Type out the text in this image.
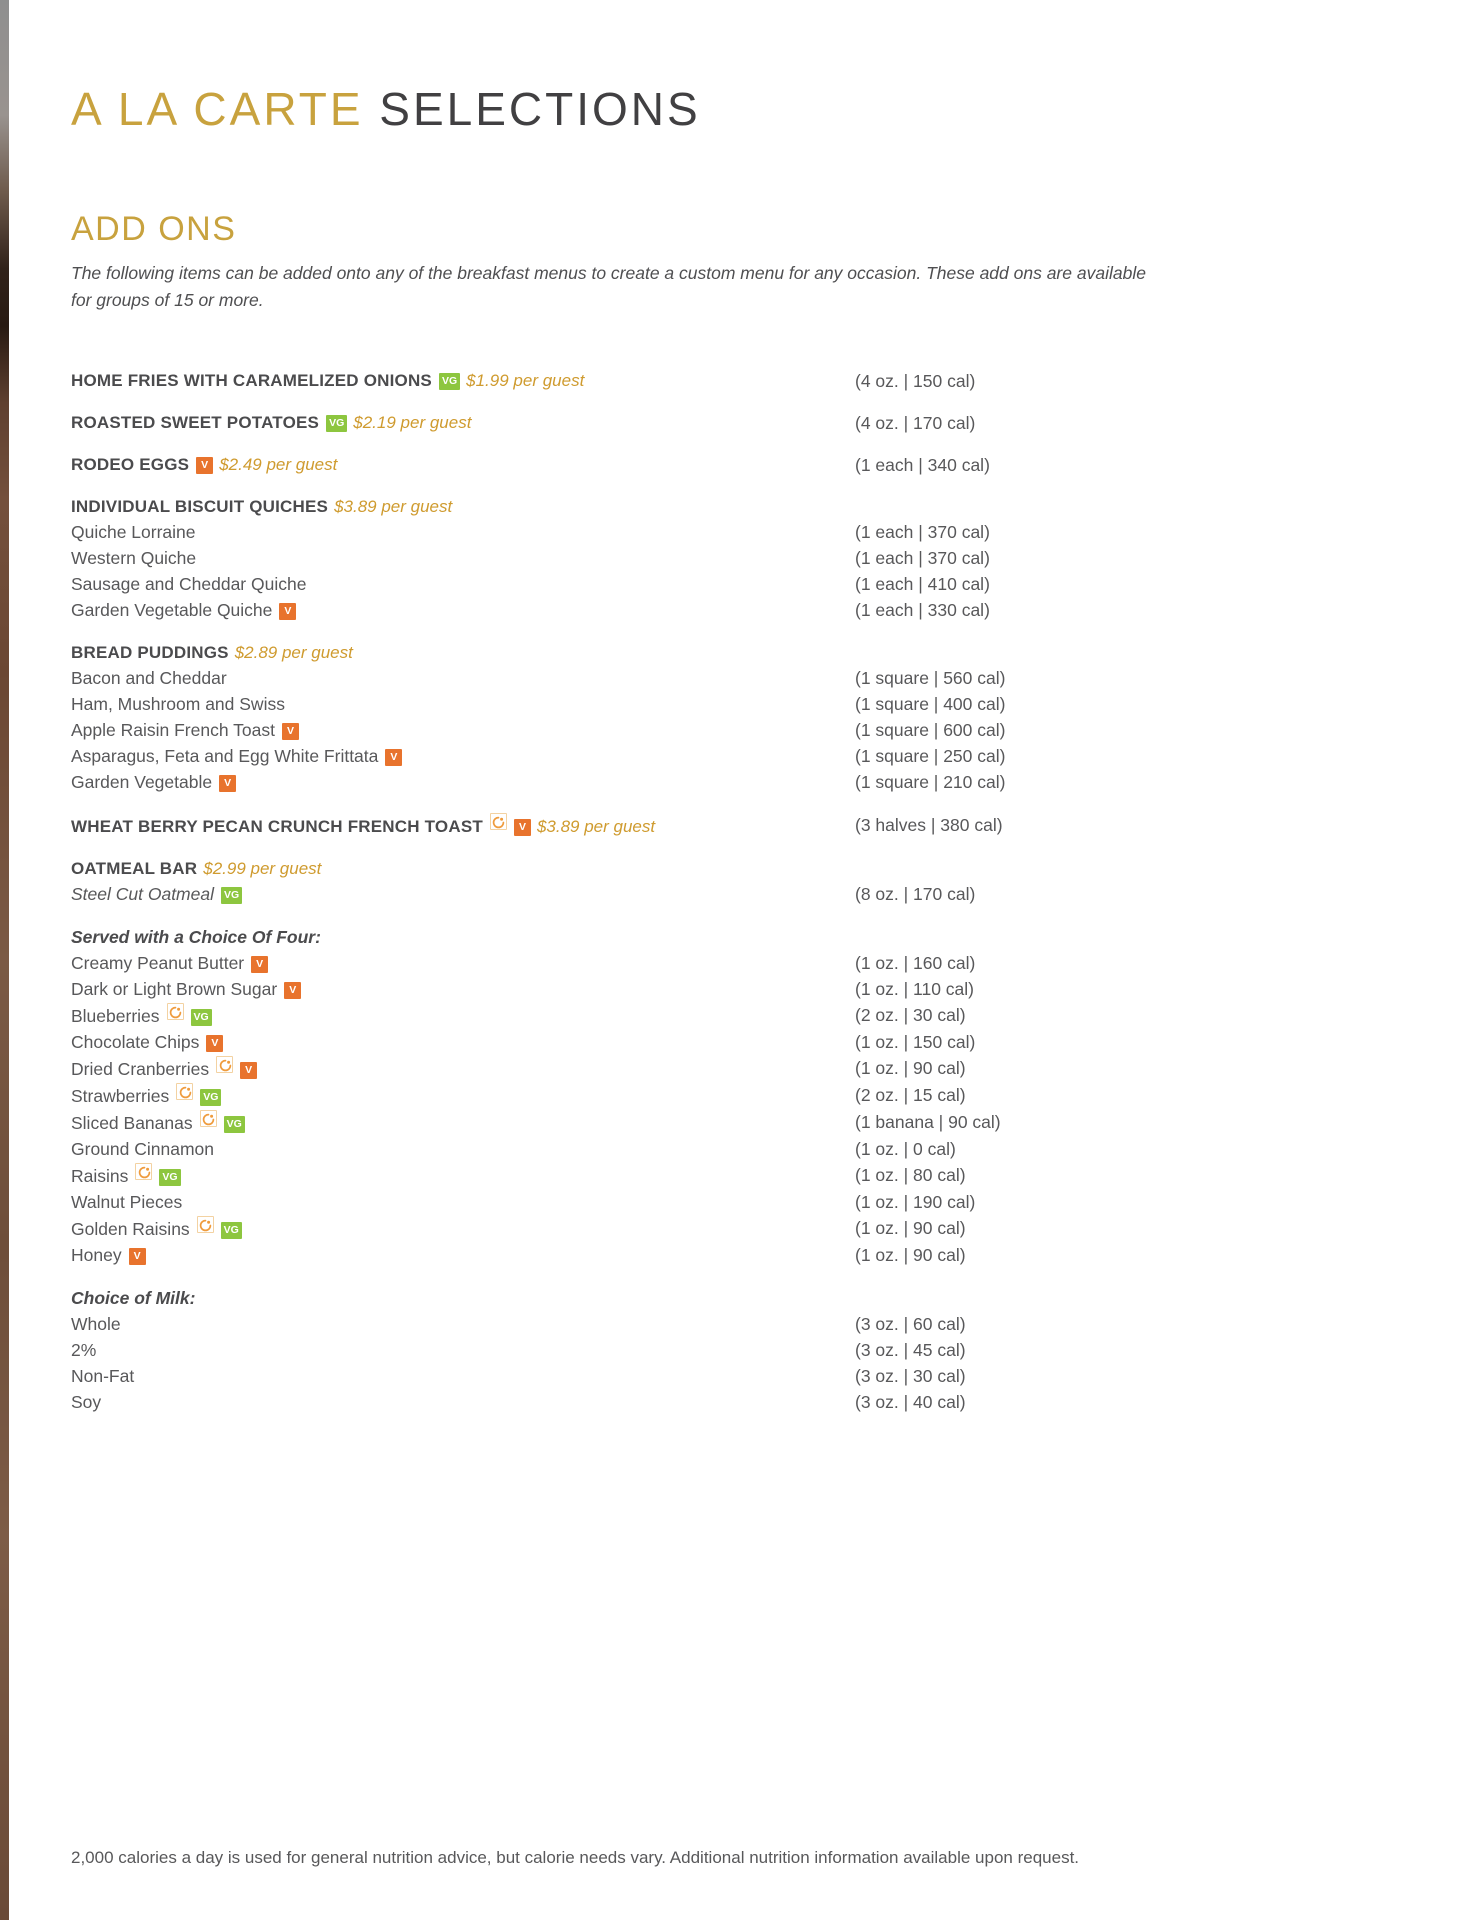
A LA CARTE SELECTIONS
ADD ONS

The following items can be added onto any of the breakfast menus to create a custom menu for any occasion. These add ons are available for groups of 15 or more.

HOME FRIES WITH CARAMELIZED ONIONS VG $1.99 per guest	(4 oz. | 150 cal)
ROASTED SWEET POTATOES VG $2.19 per guest	(4 oz. | 170 cal)
RODEO EGGS V $2.49 per guest	(1 each | 340 cal)
INDIVIDUAL BISCUIT QUICHES $3.89 per guest
Quiche Lorraine	(1 each | 370 cal)
Western Quiche	(1 each | 370 cal)
Sausage and Cheddar Quiche	(1 each | 410 cal)
Garden Vegetable Quiche V	(1 each | 330 cal)
BREAD PUDDINGS $2.89 per guest
Bacon and Cheddar	(1 square | 560 cal)
Ham, Mushroom and Swiss	(1 square | 400 cal)
Apple Raisin French Toast V	(1 square | 600 cal)
Asparagus, Feta and Egg White Frittata V	(1 square | 250 cal)
Garden Vegetable V	(1 square | 210 cal)
WHEAT BERRY PECAN CRUNCH FRENCH TOAST	V $3.89 per guest	(3 halves | 380 cal)
OATMEAL BAR $2.99 per guest
Steel Cut Oatmeal VG	(8 oz. | 170 cal)
Served with a Choice Of Four:
Creamy Peanut Butter V	(1 oz. | 160 cal)
Dark or Light Brown Sugar V	(1 oz. | 110 cal)
Blueberries	VG	(2 oz. | 30 cal)
Chocolate Chips V	(1 oz. | 150 cal)
Dried Cranberries	V	(1 oz. | 90 cal)
Strawberries	VG	(2 oz. | 15 cal)
Sliced Bananas	VG	(1 banana | 90 cal)
Ground Cinnamon	(1 oz. | 0 cal)
Raisins	VG	(1 oz. | 80 cal)
Walnut Pieces	(1 oz. | 190 cal)
Golden Raisins	VG	(1 oz. | 90 cal)
Honey V	(1 oz. | 90 cal)
Choice of Milk:
Whole	(3 oz. | 60 cal)
2%	(3 oz. | 45 cal)
Non-Fat	(3 oz. | 30 cal)
Soy	(3 oz. | 40 cal)
2,000 calories a day is used for general nutrition advice, but calorie needs vary. Additional nutrition information available upon request.
